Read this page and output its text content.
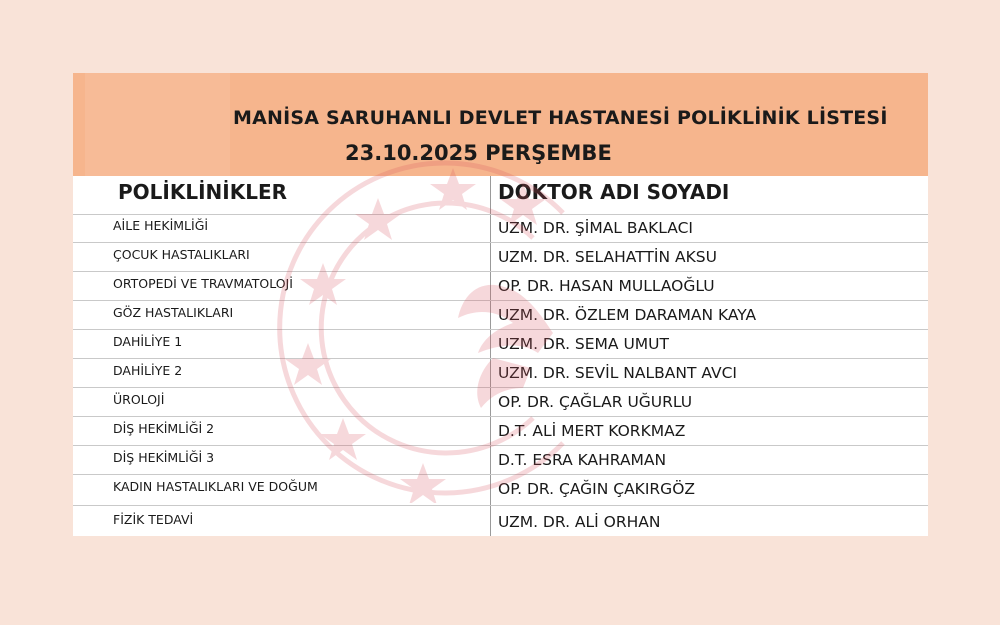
MANİSA SARUHANLI DEVLET HASTANESİ POLİKLİNİK LİSTESİ
23.10.2025 PERŞEMBE
POLİKLİNİKLER	DOKTOR ADI SOYADI
AİLE HEKİMLİĞİ	UZM. DR. ŞİMAL BAKLACI
ÇOCUK HASTALIKLARI	UZM. DR. SELAHATTİN AKSU
ORTOPEDİ VE TRAVMATOLOJİ	OP. DR. HASAN MULLAOĞLU
GÖZ HASTALIKLARI	UZM. DR. ÖZLEM DARAMAN KAYA
DAHİLİYE 1	UZM. DR. SEMA UMUT
DAHİLİYE 2	UZM. DR. SEVİL NALBANT AVCI
ÜROLOJİ	OP. DR. ÇAĞLAR UĞURLU
DİŞ HEKİMLİĞİ 2	D.T. ALİ MERT KORKMAZ
DİŞ HEKİMLİĞİ 3	D.T. ESRA KAHRAMAN
KADIN HASTALIKLARI VE DOĞUM	OP. DR. ÇAĞIN ÇAKIRGÖZ
FİZİK TEDAVİ	UZM. DR. ALİ ORHAN
